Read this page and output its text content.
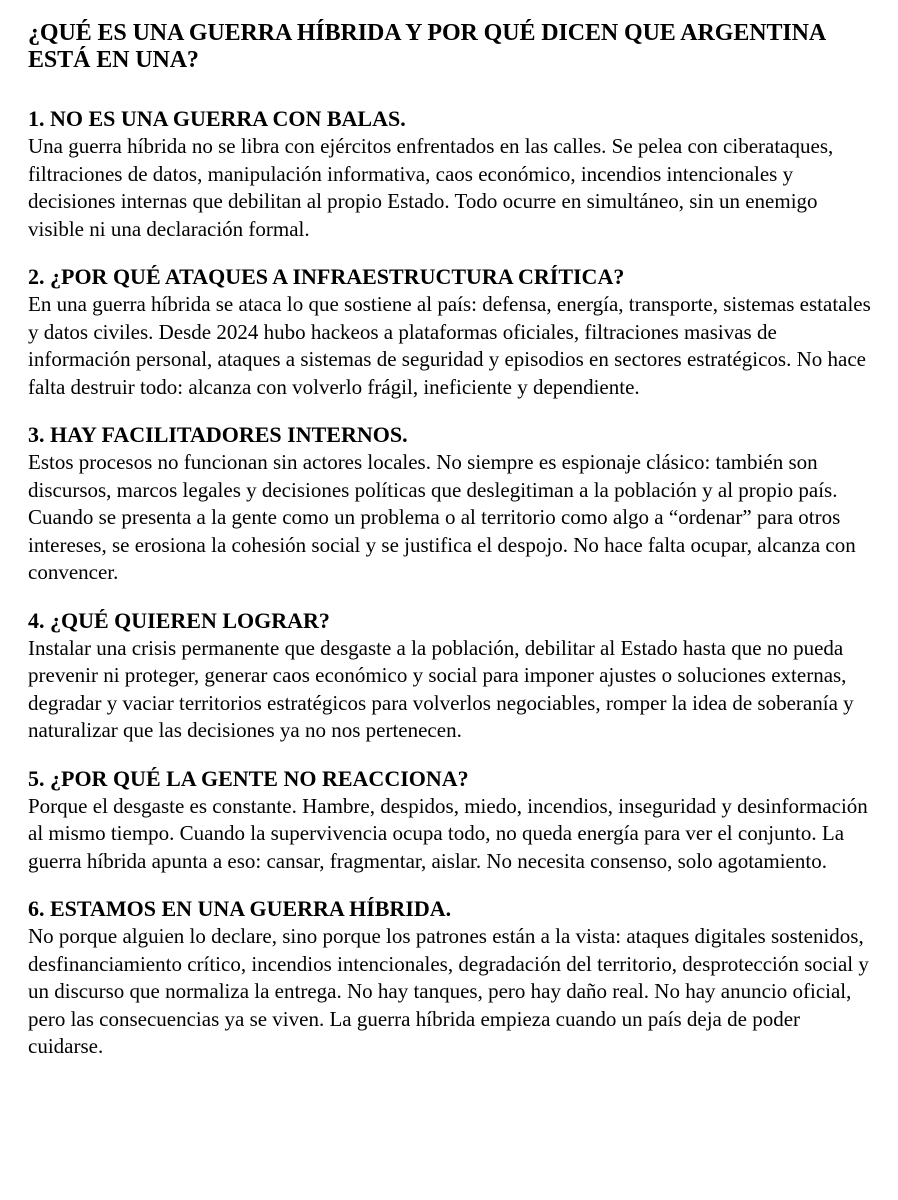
¿QUÉ ES UNA GUERRA HÍBRIDA Y POR QUÉ DICEN QUE ARGENTINA ESTÁ EN UNA?
1. NO ES UNA GUERRA CON BALAS.

Una guerra híbrida no se libra con ejércitos enfrentados en las calles. Se pelea con ciberataques, filtraciones de datos, manipulación informativa, caos económico, incendios intencionales y decisiones internas que debilitan al propio Estado. Todo ocurre en simultáneo, sin un enemigo visible ni una declaración formal.

2. ¿POR QUÉ ATAQUES A INFRAESTRUCTURA CRÍTICA?

En una guerra híbrida se ataca lo que sostiene al país: defensa, energía, transporte, sistemas estatales y datos civiles. Desde 2024 hubo hackeos a plataformas oficiales, filtraciones masivas de información personal, ataques a sistemas de seguridad y episodios en sectores estratégicos. No hace falta destruir todo: alcanza con volverlo frágil, ineficiente y dependiente.

3. HAY FACILITADORES INTERNOS.

Estos procesos no funcionan sin actores locales. No siempre es espionaje clásico: también son discursos, marcos legales y decisiones políticas que deslegitiman a la población y al propio país. Cuando se presenta a la gente como un problema o al territorio como algo a “ordenar” para otros intereses, se erosiona la cohesión social y se justifica el despojo. No hace falta ocupar, alcanza con convencer.

4. ¿QUÉ QUIEREN LOGRAR?

Instalar una crisis permanente que desgaste a la población, debilitar al Estado hasta que no pueda prevenir ni proteger, generar caos económico y social para imponer ajustes o soluciones externas, degradar y vaciar territorios estratégicos para volverlos negociables, romper la idea de soberanía y naturalizar que las decisiones ya no nos pertenecen.

5. ¿POR QUÉ LA GENTE NO REACCIONA?

Porque el desgaste es constante. Hambre, despidos, miedo, incendios, inseguridad y desinformación al mismo tiempo. Cuando la supervivencia ocupa todo, no queda energía para ver el conjunto. La guerra híbrida apunta a eso: cansar, fragmentar, aislar. No necesita consenso, solo agotamiento.

6. ESTAMOS EN UNA GUERRA HÍBRIDA.

No porque alguien lo declare, sino porque los patrones están a la vista: ataques digitales sostenidos, desfinanciamiento crítico, incendios intencionales, degradación del territorio, desprotección social y un discurso que normaliza la entrega. No hay tanques, pero hay daño real. No hay anuncio oficial, pero las consecuencias ya se viven. La guerra híbrida empieza cuando un país deja de poder cuidarse.
